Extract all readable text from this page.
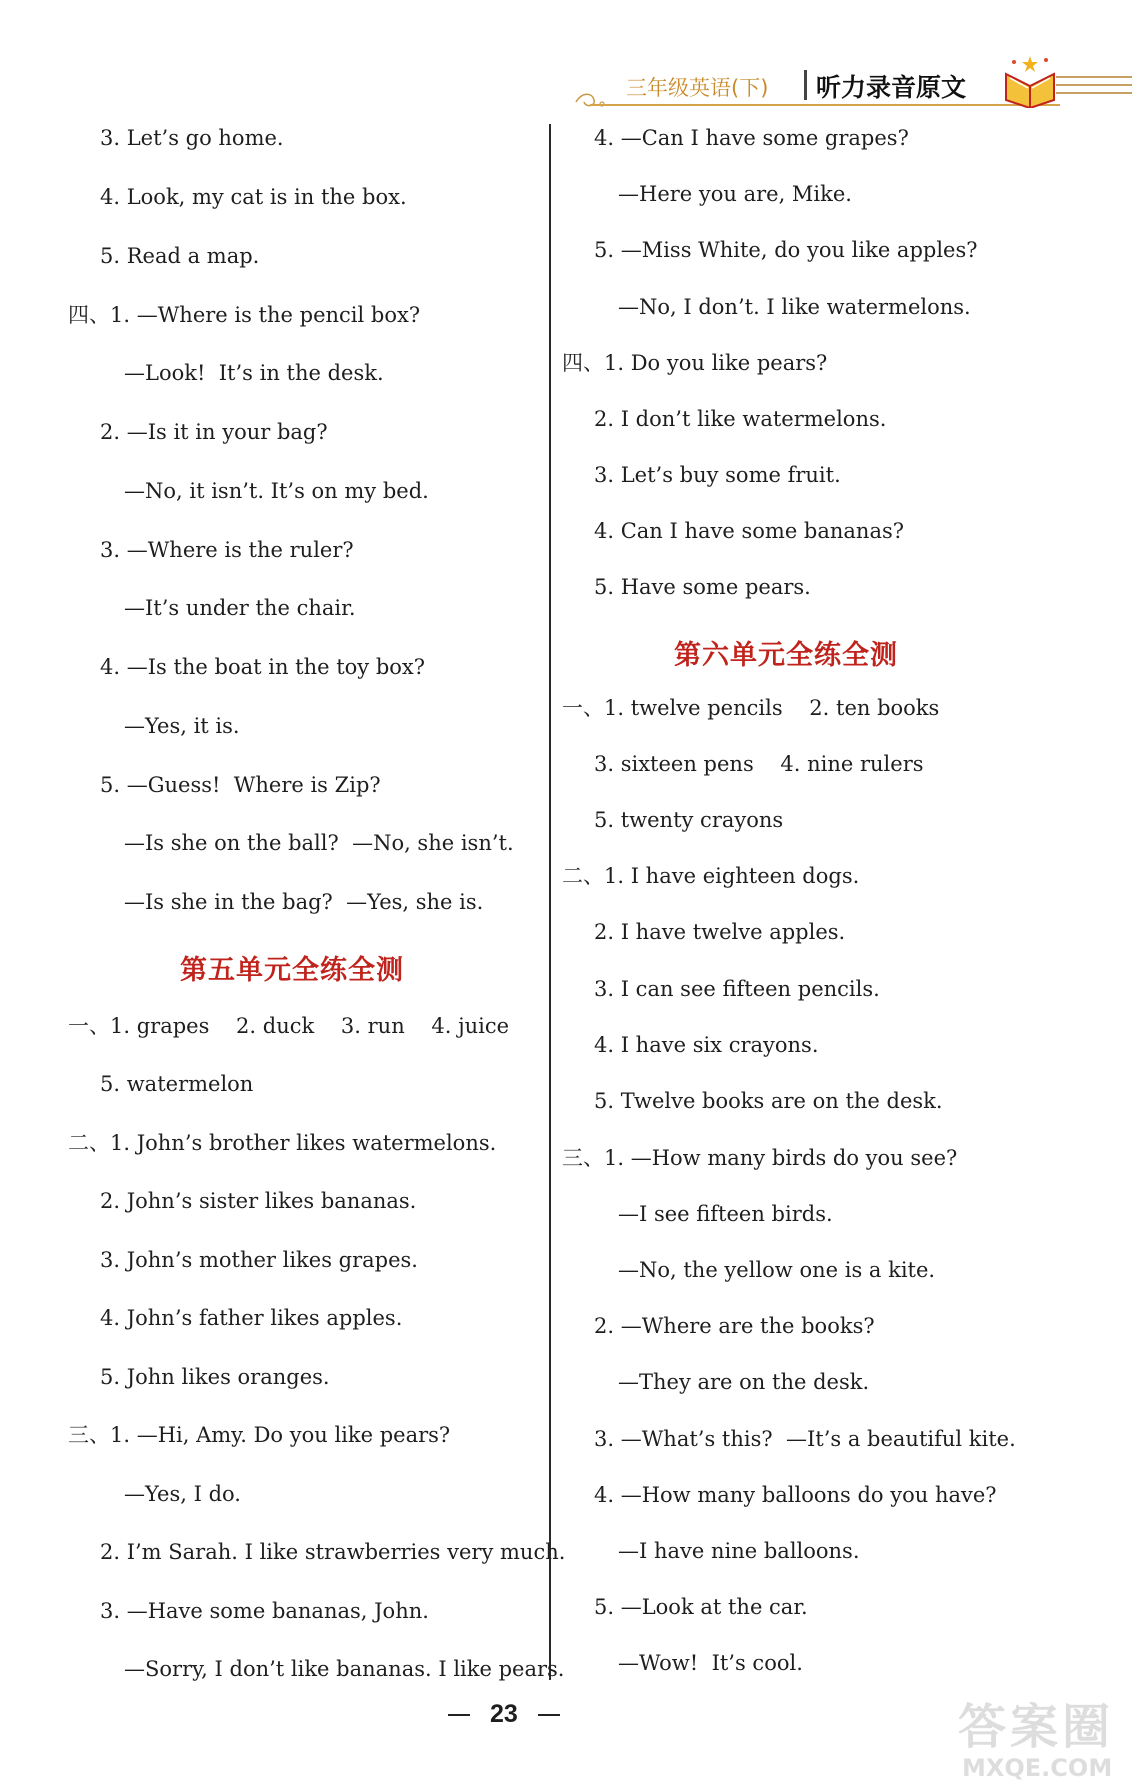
三年级英语(下) 听力录音原文
3. Let’s go home.
4. Look, my cat is in the box.
5. Read a map.
四、1. —Where is the pencil box?
—Look!  It’s in the desk.
2. —Is it in your bag?
—No, it isn’t. It’s on my bed.
3. —Where is the ruler?
—It’s under the chair.
4. —Is the boat in the toy box?
—Yes, it is.
5. —Guess!  Where is Zip?
—Is she on the ball?  —No, she isn’t.
—Is she in the bag?  —Yes, she is.
第五单元全练全测
一、1. grapes    2. duck    3. run    4. juice
5. watermelon
二、1. John’s brother likes watermelons.
2. John’s sister likes bananas.
3. John’s mother likes grapes.
4. John’s father likes apples.
5. John likes oranges.
三、1. —Hi, Amy. Do you like pears?
—Yes, I do.
2. I’m Sarah. I like strawberries very much.
3. —Have some bananas, John.
—Sorry, I don’t like bananas. I like pears.
4. —Can I have some grapes?
—Here you are, Mike.
5. —Miss White, do you like apples?
—No, I don’t. I like watermelons.
四、1. Do you like pears?
2. I don’t like watermelons.
3. Let’s buy some fruit.
4. Can I have some bananas?
5. Have some pears.
第六单元全练全测
一、1. twelve pencils    2. ten books
3. sixteen pens    4. nine rulers
5. twenty crayons
二、1. I have eighteen dogs.
2. I have twelve apples.
3. I can see fifteen pencils.
4. I have six crayons.
5. Twelve books are on the desk.
三、1. —How many birds do you see?
—I see fifteen birds.
—No, the yellow one is a kite.
2. —Where are the books?
—They are on the desk.
3. —What’s this?  —It’s a beautiful kite.
4. —How many balloons do you have?
—I have nine balloons.
5. —Look at the car.
—Wow!  It’s cool.
23	答案圈
MXQE.COM
